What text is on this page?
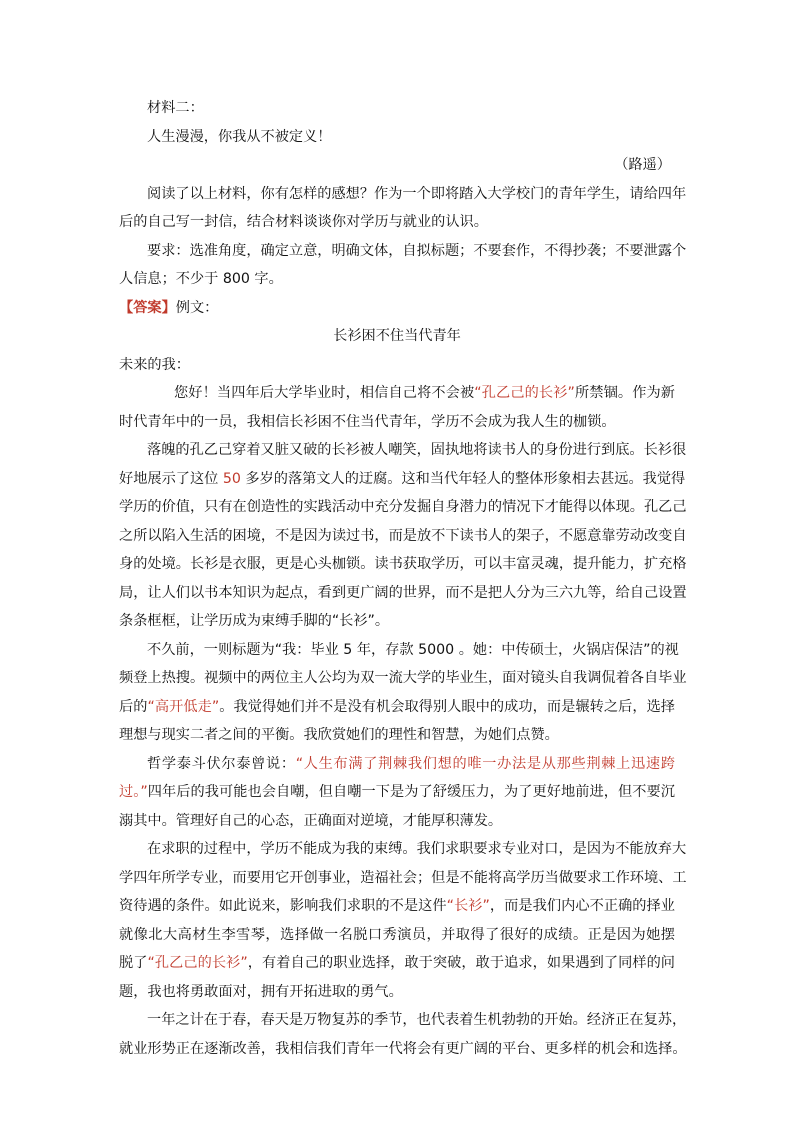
材料二：
人生漫漫，你我从不被定义！
（路遥）
阅读了以上材料，你有怎样的感想？作为一个即将踏入大学校门的青年学生，请给四年
后的自己写一封信，结合材料谈谈你对学历与就业的认识。
要求：选准角度，确定立意，明确文体，自拟标题；不要套作，不得抄袭；不要泄露个
人信息；不少于 800 字。
【答案】例文：
长衫困不住当代青年
未来的我：
您好！当四年后大学毕业时，相信自己将不会被“孔乙己的长衫”所禁锢。作为新
时代青年中的一员，我相信长衫困不住当代青年，学历不会成为我人生的枷锁。
落魄的孔乙己穿着又脏又破的长衫被人嘲笑，固执地将读书人的身份进行到底。长衫很
好地展示了这位 50 多岁的落第文人的迂腐。这和当代年轻人的整体形象相去甚远。我觉得
学历的价值，只有在创造性的实践活动中充分发掘自身潜力的情况下才能得以体现。孔乙己
之所以陷入生活的困境，不是因为读过书，而是放不下读书人的架子，不愿意靠劳动改变自
身的处境。长衫是衣服，更是心头枷锁。读书获取学历，可以丰富灵魂，提升能力，扩充格
局，让人们以书本知识为起点，看到更广阔的世界，而不是把人分为三六九等，给自己设置
条条框框，让学历成为束缚手脚的“长衫”。
不久前，一则标题为“我：毕业 5 年，存款 5000 。她：中传硕士，火锅店保洁”的视
频登上热搜。视频中的两位主人公均为双一流大学的毕业生，面对镜头自我调侃着各自毕业
后的“高开低走”。我觉得她们并不是没有机会取得别人眼中的成功，而是辗转之后，选择
理想与现实二者之间的平衡。我欣赏她们的理性和智慧，为她们点赞。
哲学泰斗伏尔泰曾说：“人生布满了荆棘我们想的唯一办法是从那些荆棘上迅速跨
过。”四年后的我可能也会自嘲，但自嘲一下是为了舒缓压力，为了更好地前进，但不要沉
溺其中。管理好自己的心态，正确面对逆境，才能厚积薄发。
在求职的过程中，学历不能成为我的束缚。我们求职要求专业对口，是因为不能放弃大
学四年所学专业，而要用它开创事业，造福社会；但是不能将高学历当做要求工作环境、工
资待遇的条件。如此说来，影响我们求职的不是这件“长衫”，而是我们内心不正确的择业
就像北大高材生李雪琴，选择做一名脱口秀演员，并取得了很好的成绩。正是因为她摆
脱了“孔乙己的长衫”，有着自己的职业选择，敢于突破，敢于追求，如果遇到了同样的问
题，我也将勇敢面对，拥有开拓进取的勇气。
一年之计在于春，春天是万物复苏的季节，也代表着生机勃勃的开始。经济正在复苏，
就业形势正在逐渐改善，我相信我们青年一代将会有更广阔的平台、更多样的机会和选择。
